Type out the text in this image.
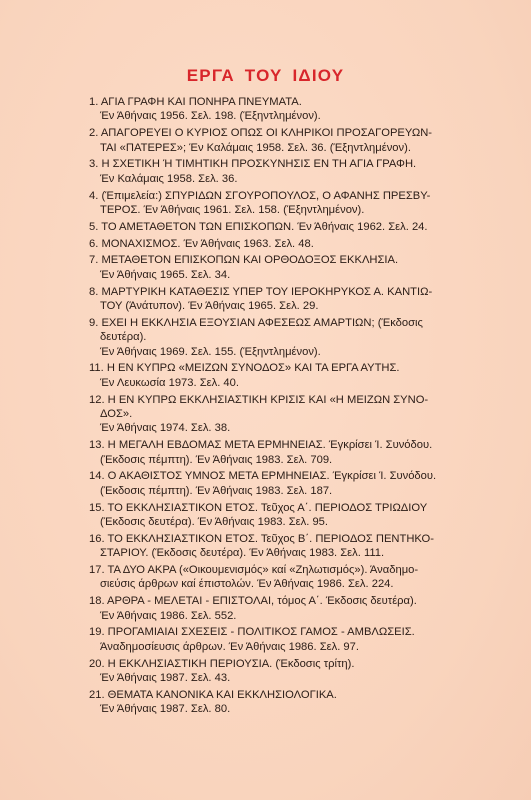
ΕΡΓΑ ΤΟΥ ΙΔΙΟΥ
1. ΑΓΙΑ ΓΡΑΦΗ ΚΑΙ ΠΟΝΗΡΑ ΠΝΕΥΜΑΤΑ.
Έν Άθήναις 1956. Σελ. 198. (Έξηντλημένον).
2. ΑΠΑΓΟΡΕΥΕΙ Ο ΚΥΡΙΟΣ ΟΠΩΣ ΟΙ ΚΛΗΡΙΚΟΙ ΠΡΟΣΑΓΟΡΕΥΩΝ-
ΤΑΙ «ΠΑΤΕΡΕΣ»; Έν Καλάμαις 1958. Σελ. 36. (Έξηντλημένον).
3. Η ΣΧΕΤΙΚΗ Ή ΤΙΜΗΤΙΚΗ ΠΡΟΣΚΥΝΗΣΙΣ ΕΝ ΤΗ ΑΓΙΑ ΓΡΑΦΗ.
Έν Καλάμαις 1958. Σελ. 36.
4. (Έπιμελεία:) ΣΠΥΡΙΔΩΝ ΣΓΟΥΡΟΠΟΥΛΟΣ, Ο ΑΦΑΝΗΣ ΠΡΕΣΒΥ-
ΤΕΡΟΣ. Έν Άθήναις 1961. Σελ. 158. (Έξηντλημένον).
5. ΤΟ ΑΜΕΤΑΘΕΤΟΝ ΤΩΝ ΕΠΙΣΚΟΠΩΝ. Έν Άθήναις 1962. Σελ. 24.
6. ΜΟΝΑΧΙΣΜΟΣ. Έν Άθήναις 1963. Σελ. 48.
7. ΜΕΤΑΘΕΤΟΝ ΕΠΙΣΚΟΠΩΝ ΚΑΙ ΟΡΘΟΔΟΞΟΣ ΕΚΚΛΗΣΙΑ.
Έν Άθήναις 1965. Σελ. 34.
8. ΜΑΡΤΥΡΙΚΗ ΚΑΤΑΘΕΣΙΣ ΥΠΕΡ ΤΟΥ ΙΕΡΟΚΗΡΥΚΟΣ Α. ΚΑΝΤΙΩ-
ΤΟΥ (Άνάτυπον). Έν Άθήναις 1965. Σελ. 29.
9. ΕΧΕΙ Η ΕΚΚΛΗΣΙΑ ΕΞΟΥΣΙΑΝ ΑΦΕΣΕΩΣ ΑΜΑΡΤΙΩΝ; (Έκδοσις
δευτέρα).
Έν Άθήναις 1969. Σελ. 155. (Έξηντλημένον).
11. Η ΕΝ ΚΥΠΡΩ «ΜΕΙΖΩΝ ΣΥΝΟΔΟΣ» ΚΑΙ ΤΑ ΕΡΓΑ ΑΥΤΗΣ.
Έν Λευκωσία 1973. Σελ. 40.
12. Η ΕΝ ΚΥΠΡΩ ΕΚΚΛΗΣΙΑΣΤΙΚΗ ΚΡΙΣΙΣ ΚΑΙ «Η ΜΕΙΖΩΝ ΣΥΝΟ-
ΔΟΣ».
Έν Άθήναις 1974. Σελ. 38.
13. Η ΜΕΓΑΛΗ ΕΒΔΟΜΑΣ ΜΕΤΑ ΕΡΜΗΝΕΙΑΣ. Έγκρίσει Ί. Συνόδου.
(Έκδοσις πέμπτη). Έν Άθήναις 1983. Σελ. 709.
14. Ο ΑΚΑΘΙΣΤΟΣ ΥΜΝΟΣ ΜΕΤΑ ΕΡΜΗΝΕΙΑΣ. Έγκρίσει Ί. Συνόδου.
(Έκδοσις πέμπτη). Έν Άθήναις 1983. Σελ. 187.
15. ΤΟ ΕΚΚΛΗΣΙΑΣΤΙΚΟΝ ΕΤΟΣ. Τεῦχος Α΄. ΠΕΡΙΟΔΟΣ ΤΡΙΩΔΙΟΥ
(Έκδοσις δευτέρα). Έν Άθήναις 1983. Σελ. 95.
16. ΤΟ ΕΚΚΛΗΣΙΑΣΤΙΚΟΝ ΕΤΟΣ. Τεῦχος Β΄. ΠΕΡΙΟΔΟΣ ΠΕΝΤΗΚΟ-
ΣΤΑΡΙΟΥ. (Έκδοσις δευτέρα). Έν Άθήναις 1983. Σελ. 111.
17. ΤΑ ΔΥΟ ΑΚΡΑ («Οικουμενισμός» καί «Ζηλωτισμός»). Άναδημο-
σιεύσις άρθρων καί έπιστολών. Έν Άθήναις 1986. Σελ. 224.
18. ΑΡΘΡΑ - ΜΕΛΕΤΑΙ - ΕΠΙΣΤΟΛΑΙ, τόμος Α΄. Έκδοσις δευτέρα).
Έν Άθήναις 1986. Σελ. 552.
19. ΠΡΟΓΑΜΙΑΙΑΙ ΣΧΕΣΕΙΣ - ΠΟΛΙΤΙΚΟΣ ΓΑΜΟΣ - ΑΜΒΛΩΣΕΙΣ.
Άναδημοσίευσις άρθρων. Έν Άθήναις 1986. Σελ. 97.
20. Η ΕΚΚΛΗΣΙΑΣΤΙΚΗ ΠΕΡΙΟΥΣΙΑ. (Έκδοσις τρίτη).
Έν Άθήναις 1987. Σελ. 43.
21. ΘΕΜΑΤΑ ΚΑΝΟΝΙΚΑ ΚΑΙ ΕΚΚΛΗΣΙΟΛΟΓΙΚΑ.
Έν Άθήναις 1987. Σελ. 80.
